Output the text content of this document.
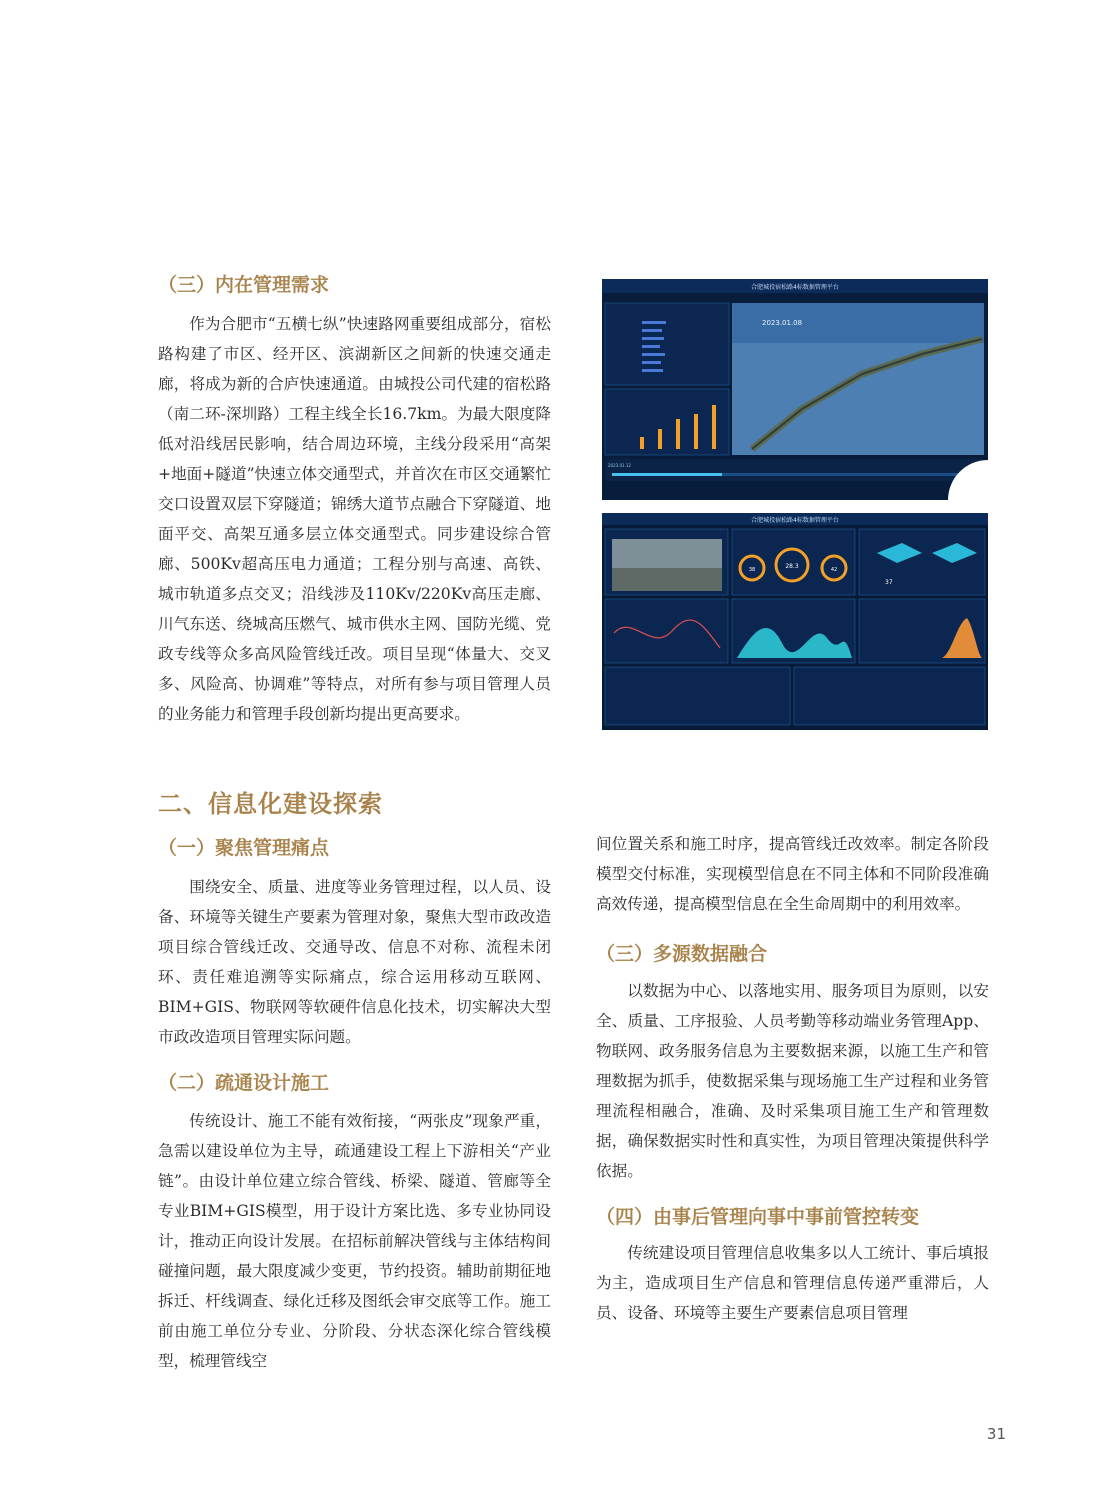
（三）内在管理需求

作为合肥市“五横七纵”快速路网重要组成部分，宿松路构建了市区、经开区、滨湖新区之间新的快速交通走廊，将成为新的合庐快速通道。由城投公司代建的宿松路（南二环-深圳路）工程主线全长16.7km。为最大限度降低对沿线居民影响，结合周边环境，主线分段采用“高架+地面+隧道”快速立体交通型式，并首次在市区交通繁忙交口设置双层下穿隧道；锦绣大道节点融合下穿隧道、地面平交、高架互通多层立体交通型式。同步建设综合管廊、500Kv超高压电力通道；工程分别与高速、高铁、城市轨道多点交叉；沿线涉及110Kv/220Kv高压走廊、川气东送、绕城高压燃气、城市供水主网、国防光缆、党政专线等众多高风险管线迁改。项目呈现“体量大、交叉多、风险高、协调难”等特点，对所有参与项目管理人员的业务能力和管理手段创新均提出更高要求。

二、信息化建设探索
（一）聚焦管理痛点

围绕安全、质量、进度等业务管理过程，以人员、设备、环境等关键生产要素为管理对象，聚焦大型市政改造项目综合管线迁改、交通导改、信息不对称、流程未闭环、责任难追溯等实际痛点，综合运用移动互联网、BIM+GIS、物联网等软硬件信息化技术，切实解决大型市政改造项目管理实际问题。

（二）疏通设计施工

传统设计、施工不能有效衔接，“两张皮”现象严重，急需以建设单位为主导，疏通建设工程上下游相关“产业链”。由设计单位建立综合管线、桥梁、隧道、管廊等全专业BIM+GIS模型，用于设计方案比选、多专业协同设计，推动正向设计发展。在招标前解决管线与主体结构间碰撞问题，最大限度减少变更，节约投资。辅助前期征地拆迁、杆线调查、绿化迁移及图纸会审交底等工作。施工前由施工单位分专业、分阶段、分状态深化综合管线模型，梳理管线空

间位置关系和施工时序，提高管线迁改效率。制定各阶段模型交付标准，实现模型信息在不同主体和不同阶段准确高效传递，提高模型信息在全生命周期中的利用效率。

（三）多源数据融合

以数据为中心、以落地实用、服务项目为原则，以安全、质量、工序报验、人员考勤等移动端业务管理App、物联网、政务服务信息为主要数据来源，以施工生产和管理数据为抓手，使数据采集与现场施工生产过程和业务管理流程相融合，准确、及时采集项目施工生产和管理数据，确保数据实时性和真实性，为项目管理决策提供科学依据。

（四）由事后管理向事中事前管控转变

传统建设项目管理信息收集多以人工统计、事后填报为主，造成项目生产信息和管理信息传递严重滞后，人员、设备、环境等主要生产要素信息项目管理

合肥城投宿松路4标数据管理平台
2023.01.08
2023.01.12
合肥城投宿松路4标数据管理平台
38	28.3	42
37
31
